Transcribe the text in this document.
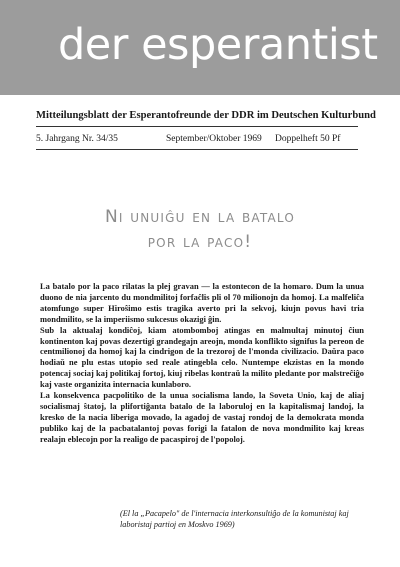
der esperantist
Mitteilungsblatt der Esperantofreunde der DDR im Deutschen Kulturbund
5. Jahrgang Nr. 34/35	September/Oktober 1969 Doppelheft 50 Pf
Ni unuiĝu en la batalo
por la paco!

La batalo por la paco rilatas la plej gravan — la estontecon de la homaro. Dum la unua duono de nia jarcento du mondmilitoj forfaĉlis pli ol 70 milionojn da homoj. La malfeliĉa atomfungo super Hiroŝimo estis tragika averto pri la sekvoj, kiujn povus havi tria mondmilito, se la imperiismo sukcesus okazigi ĝin.

Sub la aktualaj kondiĉoj, kiam atombomboj atingas en malmultaj minutoj ĉiun kontinenton kaj povas dezertigi grandegajn areojn, monda konflikto signifus la pereon de centmilionoj da homoj kaj la cindrigon de la trezoroj de l'monda civilizacio. Daŭra paco hodiaŭ ne plu estas utopio sed reale atingebla celo. Nuntempe ekzistas en la mondo potencaj sociaj kaj politikaj fortoj, kiuj ribelas kontraŭ la milito pledante por malstreĉiĝo kaj vaste organizita internacia kunlaboro.

La konsekvenca pacpolitiko de la unua socialisma lando, la Soveta Unio, kaj de aliaj socialismaj ŝtatoj, la plifortiĝanta batalo de la laboruloj en la kapitalismaj landoj, la kresko de la nacia liberiga movado, la agadoj de vastaj rondoj de la demokrata monda publiko kaj de la pacbatalantoj povas forigi la fatalon de nova mondmilito kaj kreas realajn eblecojn por la realigo de pacaspiroj de l'popoloj.

(El la „Pacapelo" de l'internacia interkonsultiĝo de la komunistaj kaj laboristaj partioj en Moskvo 1969)
